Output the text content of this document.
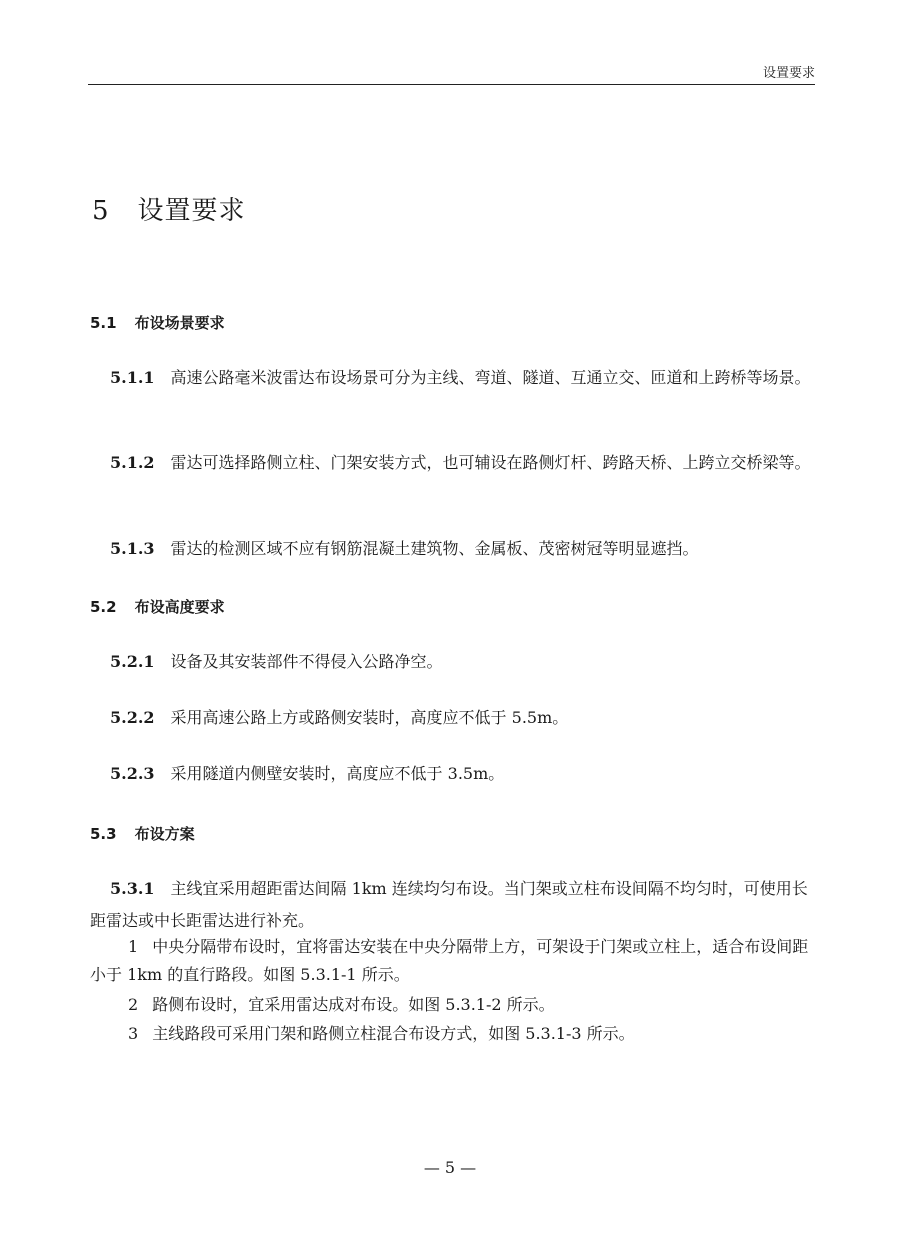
设置要求
5 设置要求
5.1 布设场景要求
5.1.1 高速公路毫米波雷达布设场景可分为主线、弯道、隧道、互通立交、匝道和上跨桥等场景。
5.1.2 雷达可选择路侧立柱、门架安装方式，也可辅设在路侧灯杆、跨路天桥、上跨立交桥梁等。
5.1.3 雷达的检测区域不应有钢筋混凝土建筑物、金属板、茂密树冠等明显遮挡。
5.2 布设高度要求
5.2.1 设备及其安装部件不得侵入公路净空。
5.2.2 采用高速公路上方或路侧安装时，高度应不低于 5.5m。
5.2.3 采用隧道内侧壁安装时，高度应不低于 3.5m。
5.3 布设方案
5.3.1 主线宜采用超距雷达间隔 1km 连续均匀布设。当门架或立柱布设间隔不均匀时，可使用长距雷达或中长距雷达进行补充。
1 中央分隔带布设时，宜将雷达安装在中央分隔带上方，可架设于门架或立柱上，适合布设间距小于 1km 的直行路段。如图 5.3.1-1 所示。
2 路侧布设时，宜采用雷达成对布设。如图 5.3.1-2 所示。
3 主线路段可采用门架和路侧立柱混合布设方式，如图 5.3.1-3 所示。
— 5 —
